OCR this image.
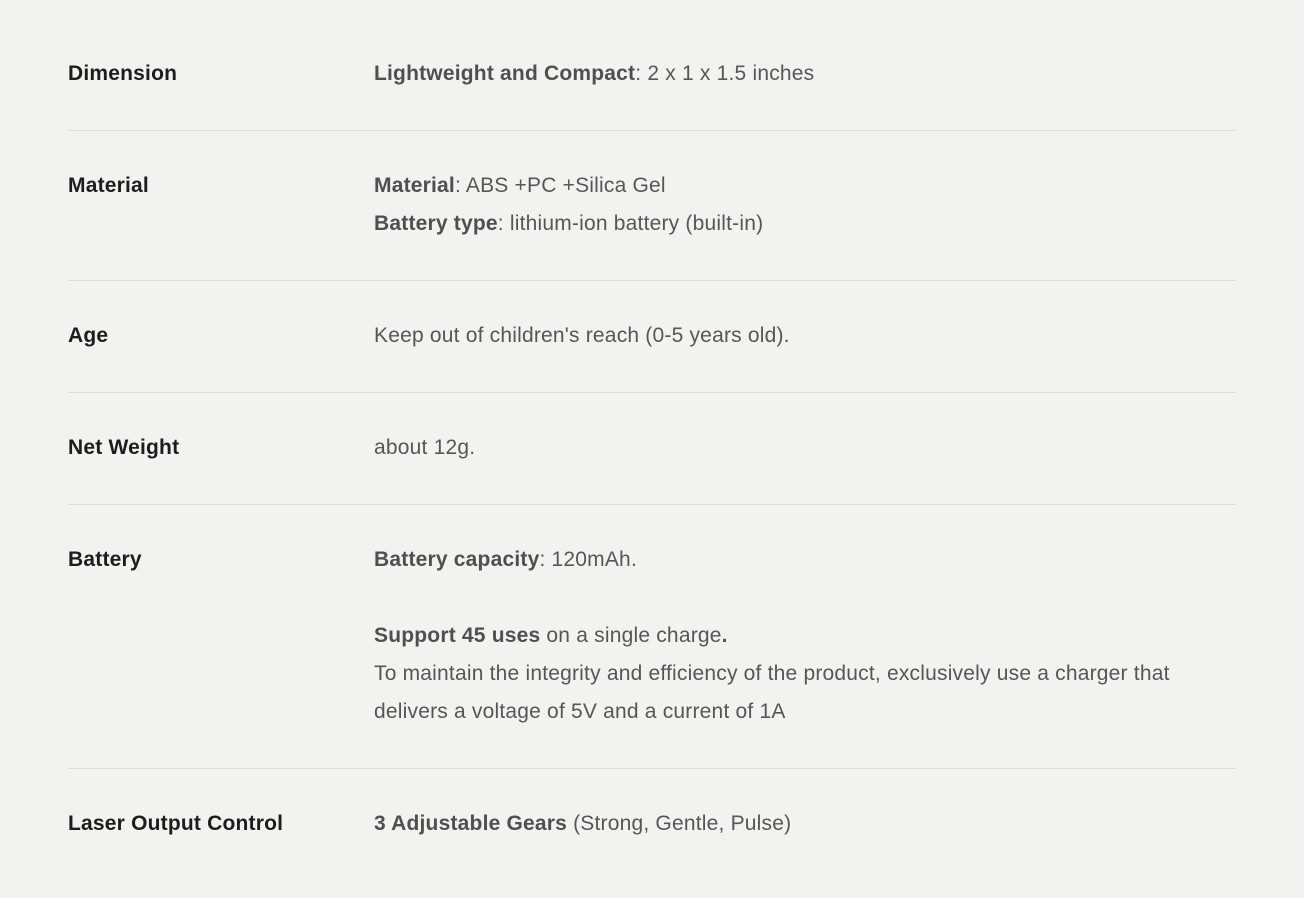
Dimension	Lightweight and Compact: 2 x 1 x 1.5 inches

Material	Material: ABS +PC +Silica Gel

Battery type: lithium-ion battery (built-in)

Age	Keep out of children's reach (0-5 years old).

Net Weight	about 12g.

Battery	Battery capacity: 120mAh.

Support 45 uses on a single charge.

To maintain the integrity and efficiency of the product, exclusively use a charger that delivers a voltage of 5V and a current of 1A

Laser Output Control	3 Adjustable Gears (Strong, Gentle, Pulse)
